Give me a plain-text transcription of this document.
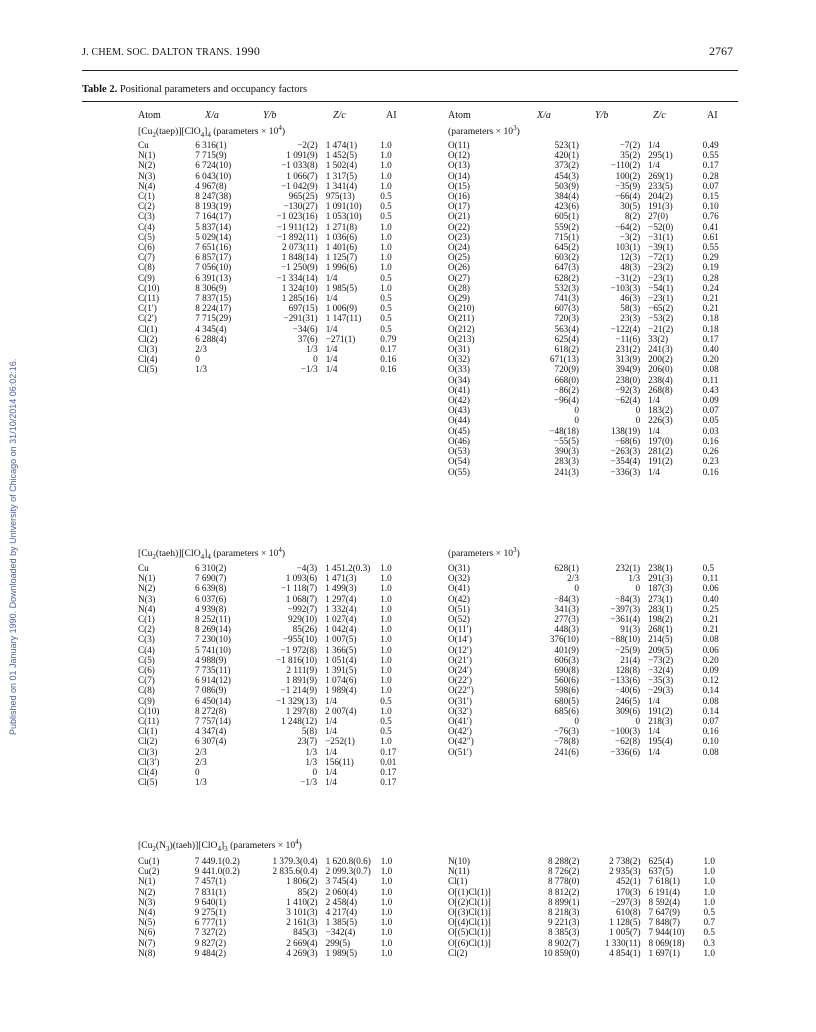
J. CHEM. SOC. DALTON TRANS. 1990	2767
Table 2. Positional parameters and occupancy factors
Atom	X/a	Y/b	Z/c	AI	Atom	X/a	Y/b	Z/c	AI
$[Cu_2(taep)][ClO_4]_4$ (parameters × $10^4$)	(parameters × $10^3$)
Cu	6 316(1)	−2(2)	1 474(1)	1.0
N(1)	7 715(9)	1 091(9)	1 452(5)	1.0
N(2)	6 724(10)	−1 033(8)	1 502(4)	1.0
N(3)	6 043(10)	1 066(7)	1 317(5)	1.0
N(4)	4 967(8)	−1 042(9)	1 341(4)	1.0
C(1)	8 247(38)	965(25)	975(13)	0.5
C(2)	8 193(19)	−130(27)	1 091(10)	0.5
C(3)	7 164(17)	−1 023(16)	1 053(10)	0.5
C(4)	5 837(14)	−1 911(12)	1 271(8)	1.0
C(5)	5 029(14)	−1 892(11)	1 036(6)	1.0
C(6)	7 651(16)	2 073(11)	1 401(6)	1.0
C(7)	6 857(17)	1 848(14)	1 125(7)	1.0
C(8)	7 056(10)	−1 250(9)	1 996(6)	1.0
C(9)	6 391(13)	−1 334(14)	1/4	0.5
C(10)	8 306(9)	1 324(10)	1 985(5)	1.0
C(11)	7 837(15)	1 285(16)	1/4	0.5
C(1′)	8 224(17)	697(15)	1 006(9)	0.5
C(2′)	7 715(29)	−291(31)	1 147(11)	0.5
Cl(1)	4 345(4)	−34(6)	1/4	0.5
Cl(2)	6 288(4)	37(6)	−271(1)	0.79
Cl(3)	2/3	1/3	1/4	0.17
Cl(4)	0	0	1/4	0.16
Cl(5)	1/3	−1/3	1/4	0.16
O(11)	523(1)	−7(2)	1/4	0.49
O(12)	420(1)	35(2)	295(1)	0.55
O(13)	373(2)	−110(2)	1/4	0.17
O(14)	454(3)	100(2)	269(1)	0.28
O(15)	503(9)	−35(9)	233(5)	0.07
O(16)	384(4)	−66(4)	204(2)	0.15
O(17)	423(6)	30(5)	191(3)	0.10
O(21)	605(1)	8(2)	27(0)	0.76
O(22)	559(2)	−64(2)	−52(0)	0.41
O(23)	715(1)	−3(2)	−31(1)	0.61
O(24)	645(2)	103(1)	−39(1)	0.55
O(25)	603(2)	12(3)	−72(1)	0.29
O(26)	647(3)	48(3)	−23(2)	0.19
O(27)	628(2)	−31(2)	−23(1)	0.28
O(28)	532(3)	−103(3)	−54(1)	0.24
O(29)	741(3)	46(3)	−23(1)	0.21
O(210)	607(3)	58(3)	−65(2)	0.21
O(211)	720(3)	23(3)	−53(2)	0.18
O(212)	563(4)	−122(4)	−21(2)	0.18
O(213)	625(4)	−11(6)	33(2)	0.17
O(31)	618(2)	231(2)	241(3)	0.40
O(32)	671(13)	313(9)	200(2)	0.20
O(33)	720(9)	394(9)	206(0)	0.08
O(34)	668(0)	238(0)	238(4)	0.11
O(41)	−86(2)	−92(3)	268(8)	0.43
O(42)	−96(4)	−62(4)	1/4	0.09
O(43)	0	0	183(2)	0.07
O(44)	0	0	226(3)	0.05
O(45)	−48(18)	138(19)	1/4	0.03
O(46)	−55(5)	−68(6)	197(0)	0.16
O(53)	390(3)	−263(3)	281(2)	0.26
O(54)	283(3)	−354(4)	191(2)	0.23
O(55)	241(3)	−336(3)	1/4	0.16
$[Cu_2(taeh)][ClO_4]_4$ (parameters × $10^4$)	(parameters × $10^3$)
Cu	6 310(2)	−4(3)	1 451.2(0.3)	1.0
N(1)	7 690(7)	1 093(6)	1 471(3)	1.0
N(2)	6 639(8)	−1 118(7)	1 499(3)	1.0
N(3)	6 037(6)	1 068(7)	1 297(4)	1.0
N(4)	4 939(8)	−992(7)	1 332(4)	1.0
C(1)	8 252(11)	929(10)	1 027(4)	1.0
C(2)	8 269(14)	85(26)	1 042(4)	1.0
C(3)	7 230(10)	−955(10)	1 007(5)	1.0
C(4)	5 741(10)	−1 972(8)	1 366(5)	1.0
C(5)	4 988(9)	−1 816(10)	1 051(4)	1.0
C(6)	7 735(11)	2 111(9)	1 391(5)	1.0
C(7)	6 914(12)	1 891(9)	1 074(6)	1.0
C(8)	7 086(9)	−1 214(9)	1 989(4)	1.0
C(9)	6 450(14)	−1 329(13)	1/4	0.5
C(10)	8 272(8)	1 297(8)	2 007(4)	1.0
C(11)	7 757(14)	1 248(12)	1/4	0.5
Cl(1)	4 347(4)	5(8)	1/4	0.5
Cl(2)	6 307(4)	23(7)	−252(1)	1.0
Cl(3)	2/3	1/3	1/4	0.17
Cl(3′)	2/3	1/3	156(11)	0.01
Cl(4)	0	0	1/4	0.17
Cl(5)	1/3	−1/3	1/4	0.17
O(31)	628(1)	232(1)	238(1)	0.5
O(32)	2/3	1/3	291(3)	0.11
O(41)	0	0	187(3)	0.06
O(42)	−84(3)	−84(3)	273(1)	0.40
O(51)	341(3)	−397(3)	283(1)	0.25
O(52)	277(3)	−361(4)	198(2)	0.21
O(11′)	448(3)	91(3)	268(1)	0.21
O(14′)	376(10)	−88(10)	214(5)	0.08
O(12′)	401(9)	−25(9)	209(5)	0.06
O(21′)	606(3)	21(4)	−73(2)	0.20
O(24′)	690(8)	128(8)	−32(4)	0.09
O(22′)	560(6)	−133(6)	−35(3)	0.12
O(22″)	598(6)	−40(6)	−29(3)	0.14
O(31′)	680(5)	246(5)	1/4	0.08
O(32′)	685(6)	309(6)	191(2)	0.14
O(41′)	0	0	218(3)	0.07
O(42′)	−76(3)	−100(3)	1/4	0.16
O(42″)	−78(8)	−62(8)	195(4)	0.10
O(51′)	241(6)	−336(6)	1/4	0.08
$[Cu_2(N_3)(taeh)][ClO_4]_3$ (parameters × $10^4$)
Cu(1)	7 449.1(0.2)	1 379.3(0.4)	1 620.8(0.6)	1.0
Cu(2)	9 441.0(0.2)	2 835.6(0.4)	2 099.3(0.7)	1.0
N(1)	7 457(1)	1 806(2)	3 745(4)	1.0
N(2)	7 831(1)	85(2)	2 060(4)	1.0
N(3)	9 640(1)	1 410(2)	2 458(4)	1.0
N(4)	9 275(1)	3 101(3)	4 217(4)	1.0
N(5)	6 777(1)	2 161(3)	1 385(5)	1.0
N(6)	7 327(2)	845(3)	−342(4)	1.0
N(7)	9 827(2)	2 669(4)	299(5)	1.0
N(8)	9 484(2)	4 269(3)	1 989(5)	1.0
N(10)	8 288(2)	2 738(2)	625(4)	1.0
N(11)	8 726(2)	2 935(3)	637(5)	1.0
Cl(1)	8 778(0)	452(1)	7 618(1)	1.0
O[(1)Cl(1)]	8 812(2)	170(3)	6 191(4)	1.0
O[(2)Cl(1)]	8 899(1)	−297(3)	8 592(4)	1.0
O[(3)Cl(1)]	8 218(3)	610(8)	7 647(9)	0.5
O[(4)Cl(1)]	9 221(3)	1 128(5)	7 848(7)	0.7
O[(5)Cl(1)]	8 385(3)	1 005(7)	7 944(10)	0.5
O[(6)Cl(1)]	8 902(7)	1 330(11)	8 069(18)	0.3
Cl(2)	10 859(0)	4 854(1)	1 697(1)	1.0
Published on 01 January 1990. Downloaded by University of Chicago on 31/10/2014 06:02:16.
